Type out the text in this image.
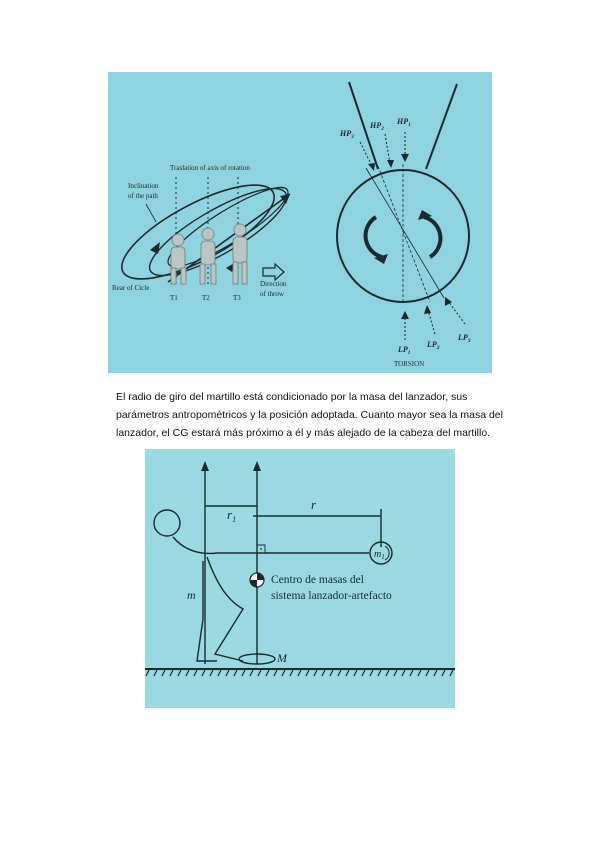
Inclination
of the path
Traslation of axis of rotation
Rear of Cicle	Direction
of throw
T1	T2	T3
$HP_3$
$HP_2$
$HP_1$
$LP_1$
$LP_2$
$LP_3$
TORSION

El radio de giro del martillo está condicionado por la masa del lanzador, sus parámetros antropométricos y la posición adoptada. Cuanto mayor sea la masa del lanzador, el CG estará más próximo a él y más alejado de la cabeza del martillo.

r
$r_1$
$m_1$
m
M
Centro de masas del
sistema lanzador-artefacto
